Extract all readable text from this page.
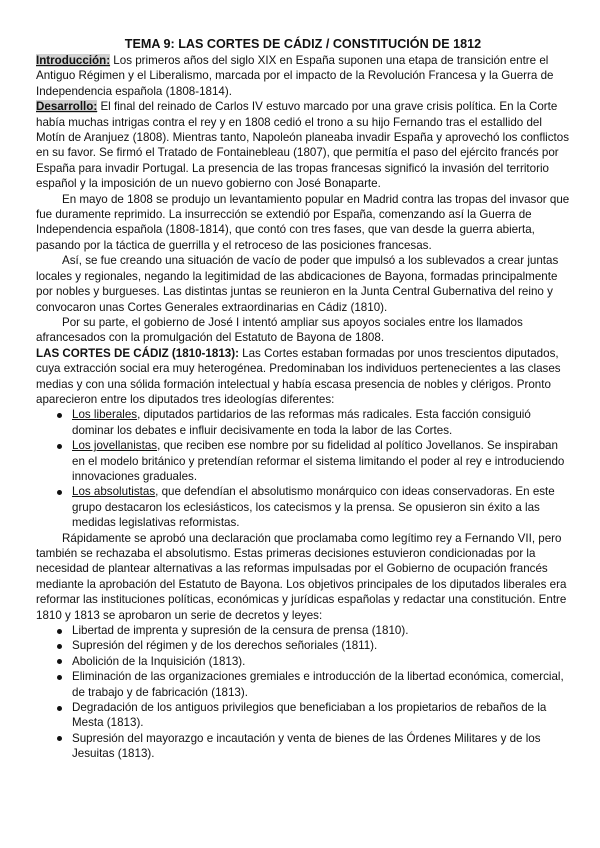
TEMA 9: LAS CORTES DE CÁDIZ / CONSTITUCIÓN DE 1812

Introducción: Los primeros años del siglo XIX en España suponen una etapa de transición entre el Antiguo Régimen y el Liberalismo, marcada por el impacto de la Revolución Francesa y la Guerra de Independencia española (1808-1814).

Desarrollo: El final del reinado de Carlos IV estuvo marcado por una grave crisis política. En la Corte había muchas intrigas contra el rey y en 1808 cedió el trono a su hijo Fernando tras el estallido del Motín de Aranjuez (1808). Mientras tanto, Napoleón planeaba invadir España y aprovechó los conflictos en su favor. Se firmó el Tratado de Fontainebleau (1807), que permitía el paso del ejército francés por España para invadir Portugal. La presencia de las tropas francesas significó la invasión del territorio español y la imposición de un nuevo gobierno con José Bonaparte.

En mayo de 1808 se produjo un levantamiento popular en Madrid contra las tropas del invasor que fue duramente reprimido. La insurrección se extendió por España, comenzando así la Guerra de Independencia española (1808-1814), que contó con tres fases, que van desde la guerra abierta, pasando por la táctica de guerrilla y el retroceso de las posiciones francesas.

Así, se fue creando una situación de vacío de poder que impulsó a los sublevados a crear juntas locales y regionales, negando la legitimidad de las abdicaciones de Bayona, formadas principalmente por nobles y burgueses. Las distintas juntas se reunieron en la Junta Central Gubernativa del reino y convocaron unas Cortes Generales extraordinarias en Cádiz (1810).

Por su parte, el gobierno de José I intentó ampliar sus apoyos sociales entre los llamados afrancesados con la promulgación del Estatuto de Bayona de 1808.

LAS CORTES DE CÁDIZ (1810-1813): Las Cortes estaban formadas por unos trescientos diputados, cuya extracción social era muy heterogénea. Predominaban los individuos pertenecientes a las clases medias y con una sólida formación intelectual y había escasa presencia de nobles y clérigos. Pronto aparecieron entre los diputados tres ideologías diferentes:

Los liberales, diputados partidarios de las reformas más radicales. Esta facción consiguió dominar los debates e influir decisivamente en toda la labor de las Cortes.
Los jovellanistas, que reciben ese nombre por su fidelidad al político Jovellanos. Se inspiraban en el modelo británico y pretendían reformar el sistema limitando el poder al rey e introduciendo innovaciones graduales.
Los absolutistas, que defendían el absolutismo monárquico con ideas conservadoras. En este grupo destacaron los eclesiásticos, los catecismos y la prensa. Se opusieron sin éxito a las medidas legislativas reformistas.

Rápidamente se aprobó una declaración que proclamaba como legítimo rey a Fernando VII, pero también se rechazaba el absolutismo. Estas primeras decisiones estuvieron condicionadas por la necesidad de plantear alternativas a las reformas impulsadas por el Gobierno de ocupación francés mediante la aprobación del Estatuto de Bayona. Los objetivos principales de los diputados liberales era reformar las instituciones políticas, económicas y jurídicas españolas y redactar una constitución. Entre 1810 y 1813 se aprobaron un serie de decretos y leyes:

Libertad de imprenta y supresión de la censura de prensa (1810).
Supresión del régimen y de los derechos señoriales (1811).
Abolición de la Inquisición (1813).
Eliminación de las organizaciones gremiales e introducción de la libertad económica, comercial, de trabajo y de fabricación (1813).
Degradación de los antiguos privilegios que beneficiaban a los propietarios de rebaños de la Mesta (1813).
Supresión del mayorazgo e incautación y venta de bienes de las Órdenes Militares y de los Jesuitas (1813).
